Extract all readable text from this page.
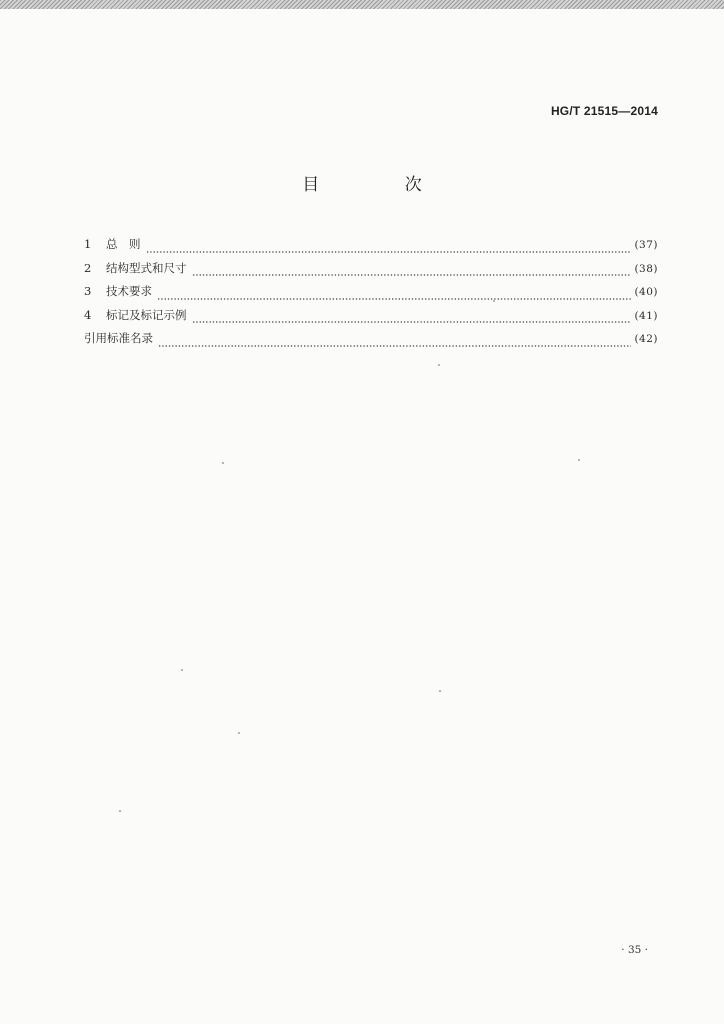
HG/T 21515—2014
目 次
1	总　则	(37)
2	结构型式和尺寸	(38)
3	技术要求	(40)
4	标记及标记示例	(41)
引用标准名录	(42)
· 35 ·
